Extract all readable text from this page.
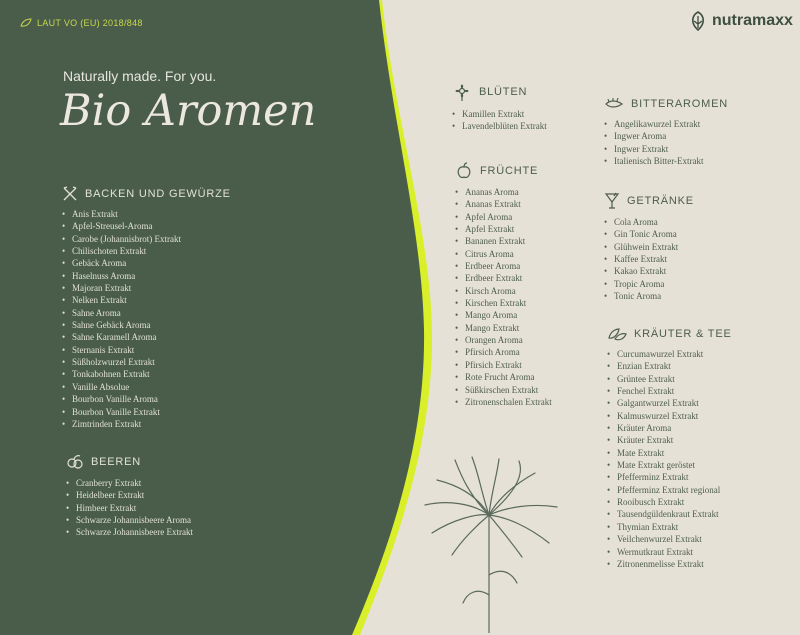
LAUT VO (EU) 2018/848	nutramaxx
Naturally made. For you.
Bio Aromen
BACKEN UND GEWÜRZE
• Anis Extrakt
• Apfel-Streusel-Aroma
• Carobe (Johannisbrot) Extrakt
• Chilischoten Extrakt
• Gebäck Aroma
• Haselnuss Aroma
• Majoran Extrakt
• Nelken Extrakt
• Sahne Aroma
• Sahne Gebäck Aroma
• Sahne Karamell Aroma
• Sternanis Extrakt
• Süßholzwurzel Extrakt
• Tonkabohnen Extrakt
• Vanille Absolue
• Bourbon Vanille Aroma
• Bourbon Vanille Extrakt
• Zimtrinden Extrakt
BEEREN
• Cranberry Extrakt
• Heidelbeer Extrakt
• Himbeer Extrakt
• Schwarze Johannisbeere Aroma
• Schwarze Johannisbeere Extrakt
BLÜTEN
• Kamillen Extrakt
• Lavendelblüten Extrakt
FRÜCHTE
• Ananas Aroma
• Ananas Extrakt
• Apfel Aroma
• Apfel Extrakt
• Bananen Extrakt
• Citrus Aroma
• Erdbeer Aroma
• Erdbeer Extrakt
• Kirsch Aroma
• Kirschen Extrakt
• Mango Aroma
• Mango Extrakt
• Orangen Aroma
• Pfirsich Aroma
• Pfirsich Extrakt
• Rote Frucht Aroma
• Süßkirschen Extrakt
• Zitronenschalen Extrakt
BITTERAROMEN
• Angelikawurzel Extrakt
• Ingwer Aroma
• Ingwer Extrakt
• Italienisch Bitter-Extrakt
GETRÄNKE
• Cola Aroma
• Gin Tonic Aroma
• Glühwein Extrakt
• Kaffee Extrakt
• Kakao Extrakt
• Tropic Aroma
• Tonic Aroma
KRÄUTER & TEE
• Curcumawurzel Extrakt
• Enzian Extrakt
• Grüntee Extrakt
• Fenchel Extrakt
• Galgantwurzel Extrakt
• Kalmuswurzel Extrakt
• Kräuter Aroma
• Kräuter Extrakt
• Mate Extrakt
• Mate Extrakt geröstet
• Pfefferminz Extrakt
• Pfefferminz Extrakt regional
• Rooibusch Extrakt
• Tausendgüldenkraut Extrakt
• Thymian Extrakt
• Veilchenwurzel Extrakt
• Wermutkraut Extrakt
• Zitronenmelisse Extrakt
